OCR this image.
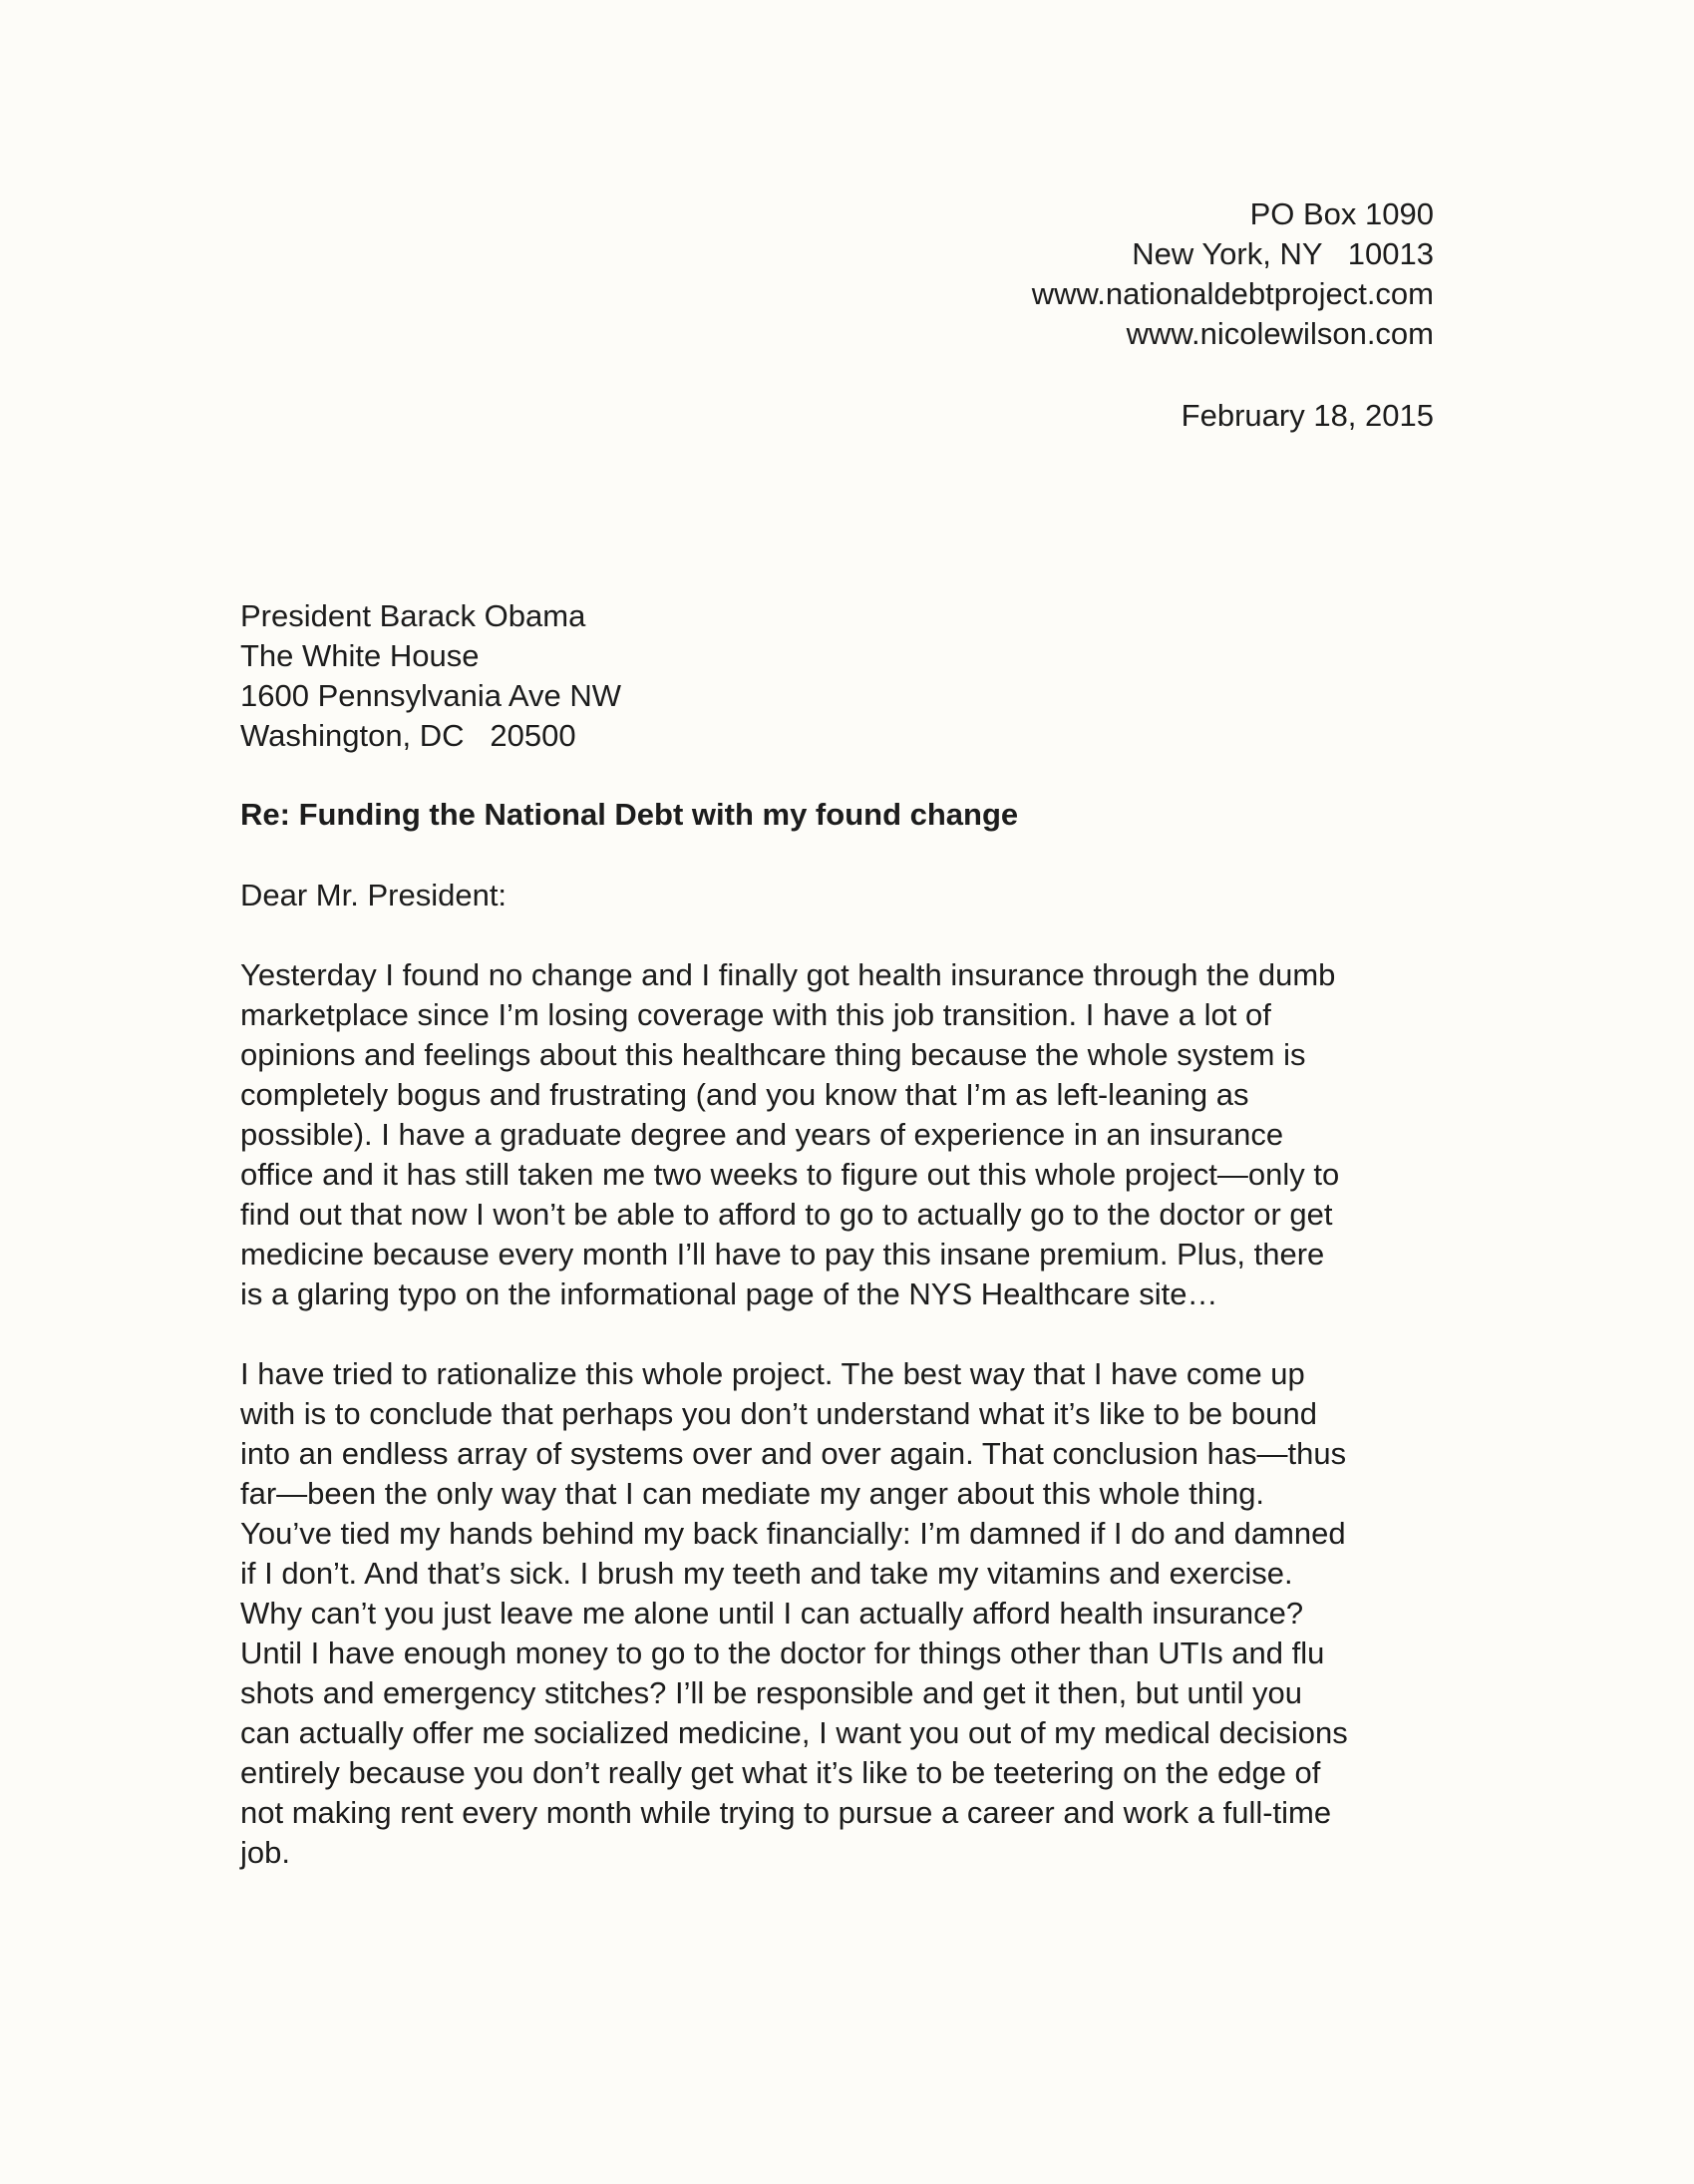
PO Box 1090
New York, NY   10013
www.nationaldebtproject.com
www.nicolewilson.com
February 18, 2015
President Barack Obama
The White House
1600 Pennsylvania Ave NW
Washington, DC   20500
Re: Funding the National Debt with my found change
Dear Mr. President:
Yesterday I found no change and I finally got health insurance through the dumb
marketplace since I’m losing coverage with this job transition. I have a lot of
opinions and feelings about this healthcare thing because the whole system is
completely bogus and frustrating (and you know that I’m as left-leaning as
possible). I have a graduate degree and years of experience in an insurance
office and it has still taken me two weeks to figure out this whole project—only to
find out that now I won’t be able to afford to go to actually go to the doctor or get
medicine because every month I’ll have to pay this insane premium. Plus, there
is a glaring typo on the informational page of the NYS Healthcare site…
I have tried to rationalize this whole project. The best way that I have come up
with is to conclude that perhaps you don’t understand what it’s like to be bound
into an endless array of systems over and over again. That conclusion has—thus
far—been the only way that I can mediate my anger about this whole thing.
You’ve tied my hands behind my back financially: I’m damned if I do and damned
if I don’t. And that’s sick. I brush my teeth and take my vitamins and exercise.
Why can’t you just leave me alone until I can actually afford health insurance?
Until I have enough money to go to the doctor for things other than UTIs and flu
shots and emergency stitches? I’ll be responsible and get it then, but until you
can actually offer me socialized medicine, I want you out of my medical decisions
entirely because you don’t really get what it’s like to be teetering on the edge of
not making rent every month while trying to pursue a career and work a full-time
job.
